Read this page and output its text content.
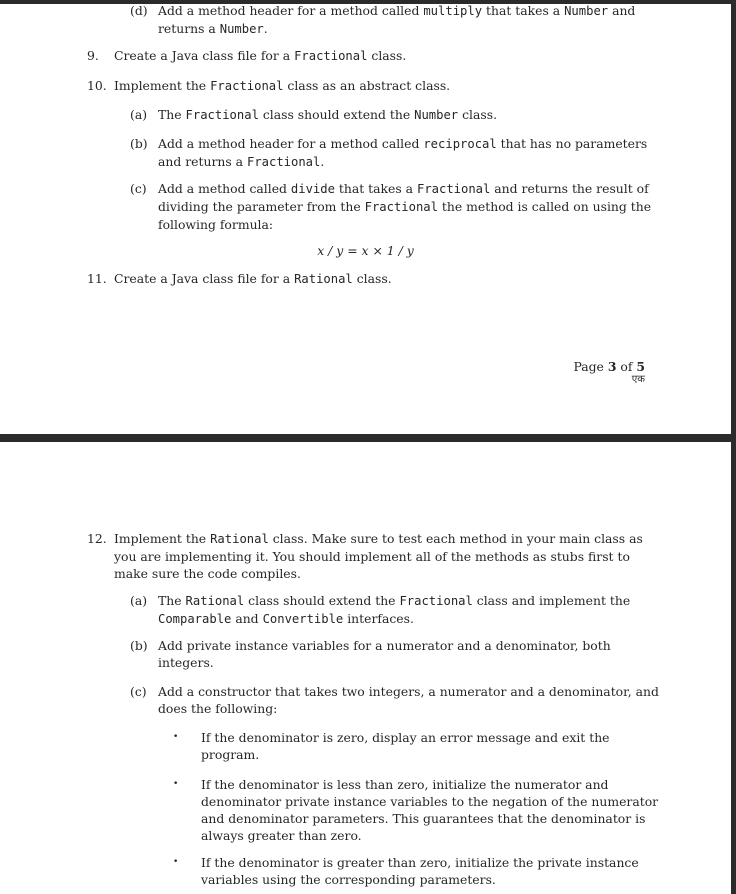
(d) Add a method header for a method called multiply that takes a Number and
returns a Number.
9. Create a Java class file for a Fractional class.
10. Implement the Fractional class as an abstract class.
(a) The Fractional class should extend the Number class.
(b) Add a method header for a method called reciprocal that has no parameters
and returns a Fractional.
(c) Add a method called divide that takes a Fractional and returns the result of
dividing the parameter from the Fractional the method is called on using the
following formula:
x / y = x × 1 / y
11. Create a Java class file for a Rational class.
Page 3 of 5
एक
12. Implement the Rational class. Make sure to test each method in your main class as
you are implementing it. You should implement all of the methods as stubs first to
make sure the code compiles.
(a) The Rational class should extend the Fractional class and implement the
Comparable and Convertible interfaces.
(b) Add private instance variables for a numerator and a denominator, both
integers.
(c) Add a constructor that takes two integers, a numerator and a denominator, and
does the following:
• If the denominator is zero, display an error message and exit the
program.
• If the denominator is less than zero, initialize the numerator and
denominator private instance variables to the negation of the numerator
and denominator parameters. This guarantees that the denominator is
always greater than zero.
• If the denominator is greater than zero, initialize the private instance
variables using the corresponding parameters.
